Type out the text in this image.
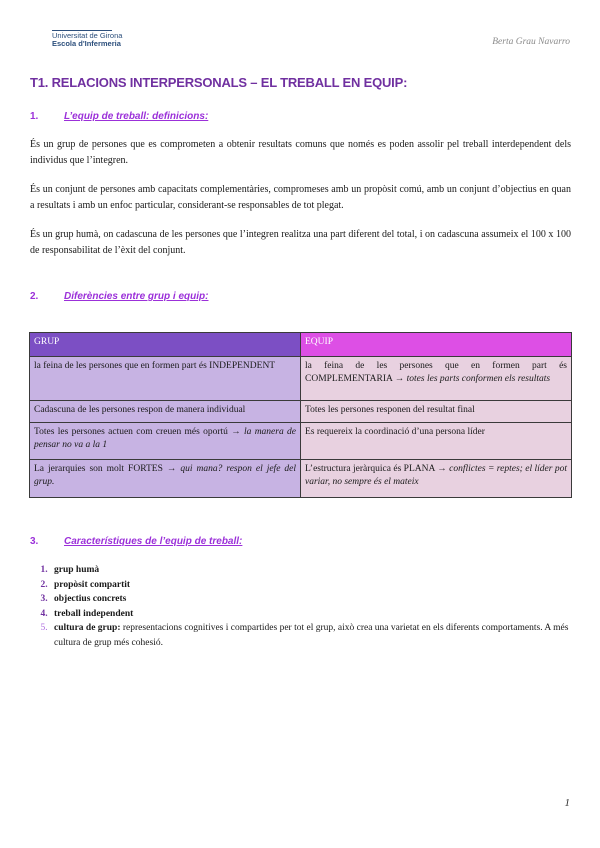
Universitat de Girona
Escola d'Infermeria	Berta Grau Navarro
T1. RELACIONS INTERPERSONALS – EL TREBALL EN EQUIP:
1.	L’equip de treball: definicions:
És un grup de persones que es comprometen a obtenir resultats comuns que només es poden assolir pel treball interdependent dels individus que l’integren.
És un conjunt de persones amb capacitats complementàries, compromeses amb un propòsit comú, amb un conjunt d’objectius en quan a resultats i amb un enfoc particular, considerant-se responsables de tot plegat.
És un grup humà, on cadascuna de les persones que l’integren realitza una part diferent del total, i on cadascuna assumeix el 100 x 100 de responsabilitat de l’èxit del conjunt.
2.	Diferències entre grup i equip:
GRUP	EQUIP
la feina de les persones que en formen part és INDEPENDENT	la feina de les persones que en formen part és COMPLEMENTARIA → totes les parts conformen els resultats
Cadascuna de les persones respon de manera individual	Totes les persones responen del resultat final
Totes les persones actuen com creuen més oportú → la manera de pensar no va a la 1	Es requereix la coordinació d’una persona líder
La jerarquies son molt FORTES → qui mana? respon el jefe del grup.	L’estructura jeràrquica és PLANA → conflictes = reptes; el líder pot variar, no sempre és el mateix
3.	Característiques de l’equip de treball:
1. grup humà
2. propòsit compartit
3. objectius concrets
4. treball independent
5. cultura de grup: representacions cognitives i compartides per tot el grup, això crea una varietat en els diferents comportaments. A més cultura de grup més cohesió.
1
